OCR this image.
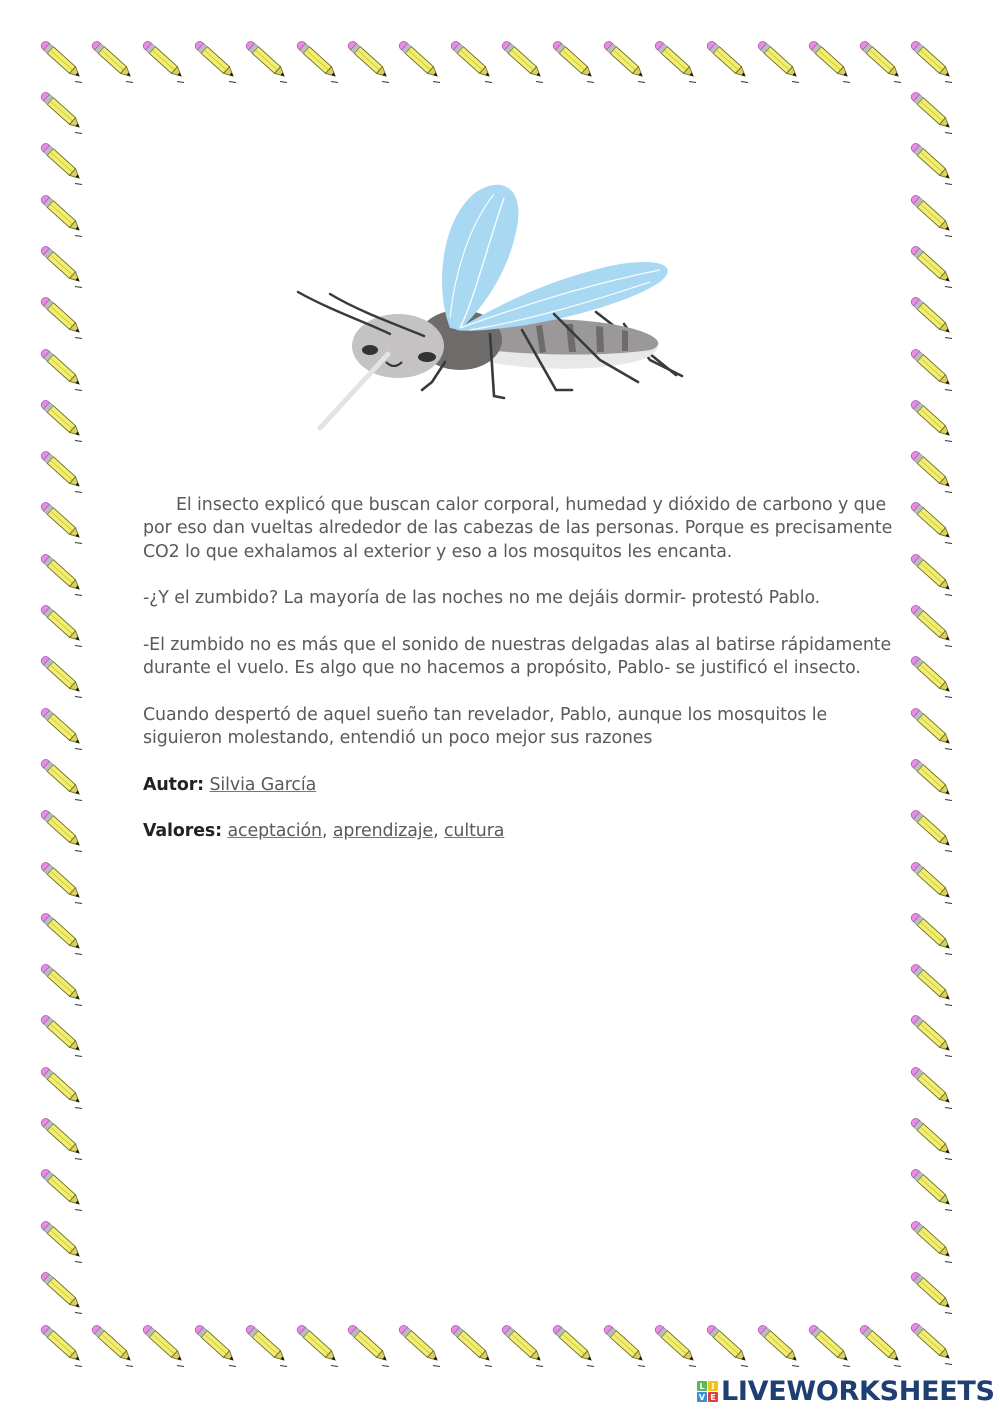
El insecto explicó que buscan calor corporal, humedad y dióxido de carbono y que por eso dan vueltas alrededor de las cabezas de las personas. Porque es precisamente CO2 lo que exhalamos al exterior y eso a los mosquitos les encanta.

-¿Y el zumbido? La mayoría de las noches no me dejáis dormir- protestó Pablo.

-El zumbido no es más que el sonido de nuestras delgadas alas al batirse rápidamente durante el vuelo. Es algo que no hacemos a propósito, Pablo- se justificó el insecto.

Cuando despertó de aquel sueño tan revelador, Pablo, aunque los mosquitos le siguieron molestando, entendió un poco mejor sus razones

Autor: Silvia García

Valores: aceptación, aprendizaje, cultura

L I
V E LIVEWORKSHEETS
